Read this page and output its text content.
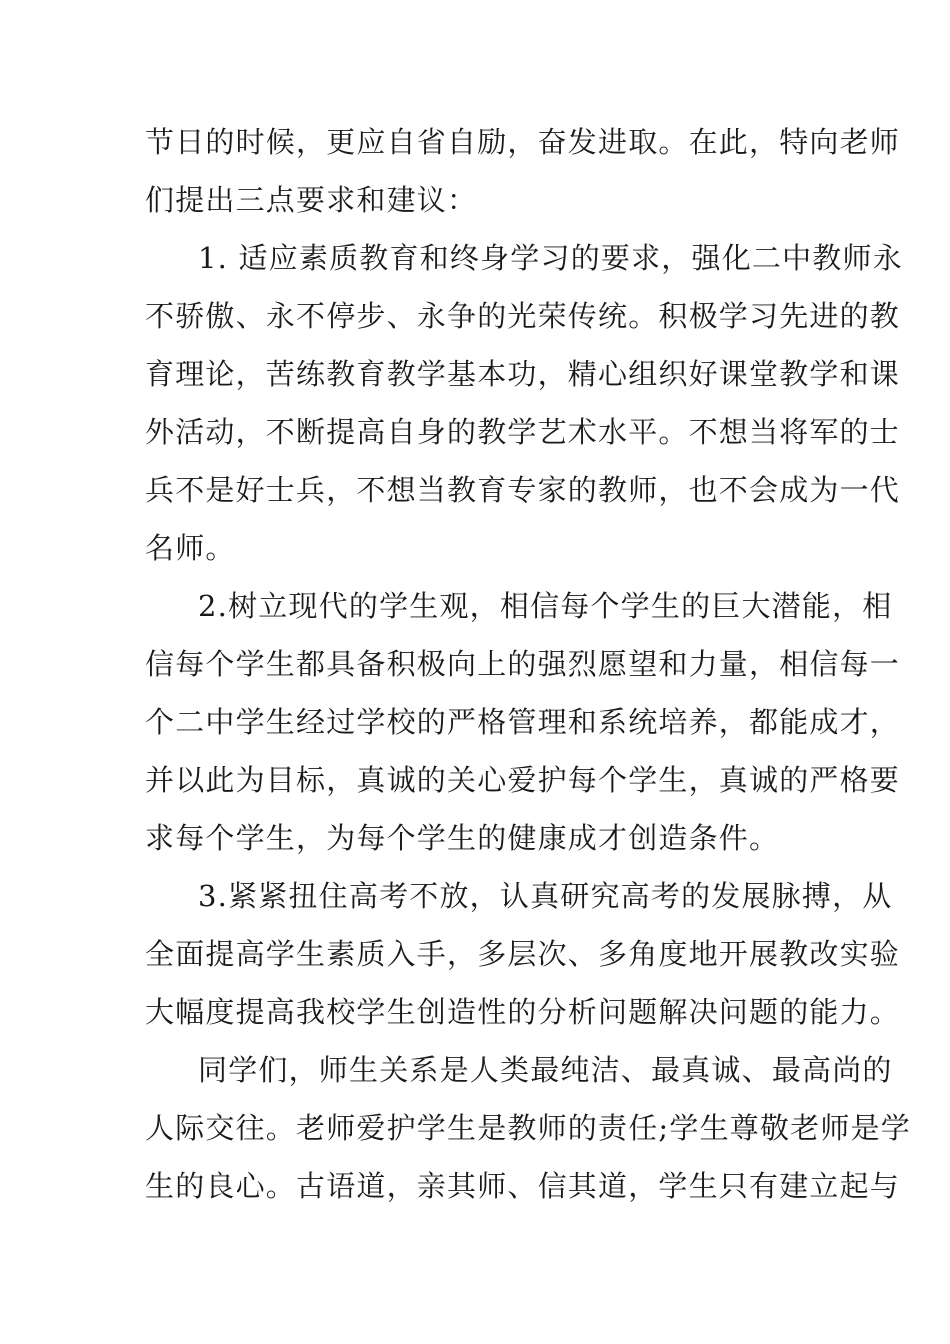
节日的时候，更应自省自励，奋发进取。在此，特向老师
们提出三点要求和建议：
1. 适应素质教育和终身学习的要求，强化二中教师永
不骄傲、永不停步、永争的光荣传统。积极学习先进的教
育理论，苦练教育教学基本功，精心组织好课堂教学和课
外活动，不断提高自身的教学艺术水平。不想当将军的士
兵不是好士兵，不想当教育专家的教师，也不会成为一代
名师。
2.树立现代的学生观，相信每个学生的巨大潜能，相
信每个学生都具备积极向上的强烈愿望和力量，相信每一
个二中学生经过学校的严格管理和系统培养，都能成才，
并以此为目标，真诚的关心爱护每个学生，真诚的严格要
求每个学生，为每个学生的健康成才创造条件。
3.紧紧扭住高考不放，认真研究高考的发展脉搏，从
全面提高学生素质入手，多层次、多角度地开展教改实验
大幅度提高我校学生创造性的分析问题解决问题的能力。
同学们，师生关系是人类最纯洁、最真诚、最高尚的
人际交往。老师爱护学生是教师的责任;学生尊敬老师是学
生的良心。古语道，亲其师、信其道，学生只有建立起与
